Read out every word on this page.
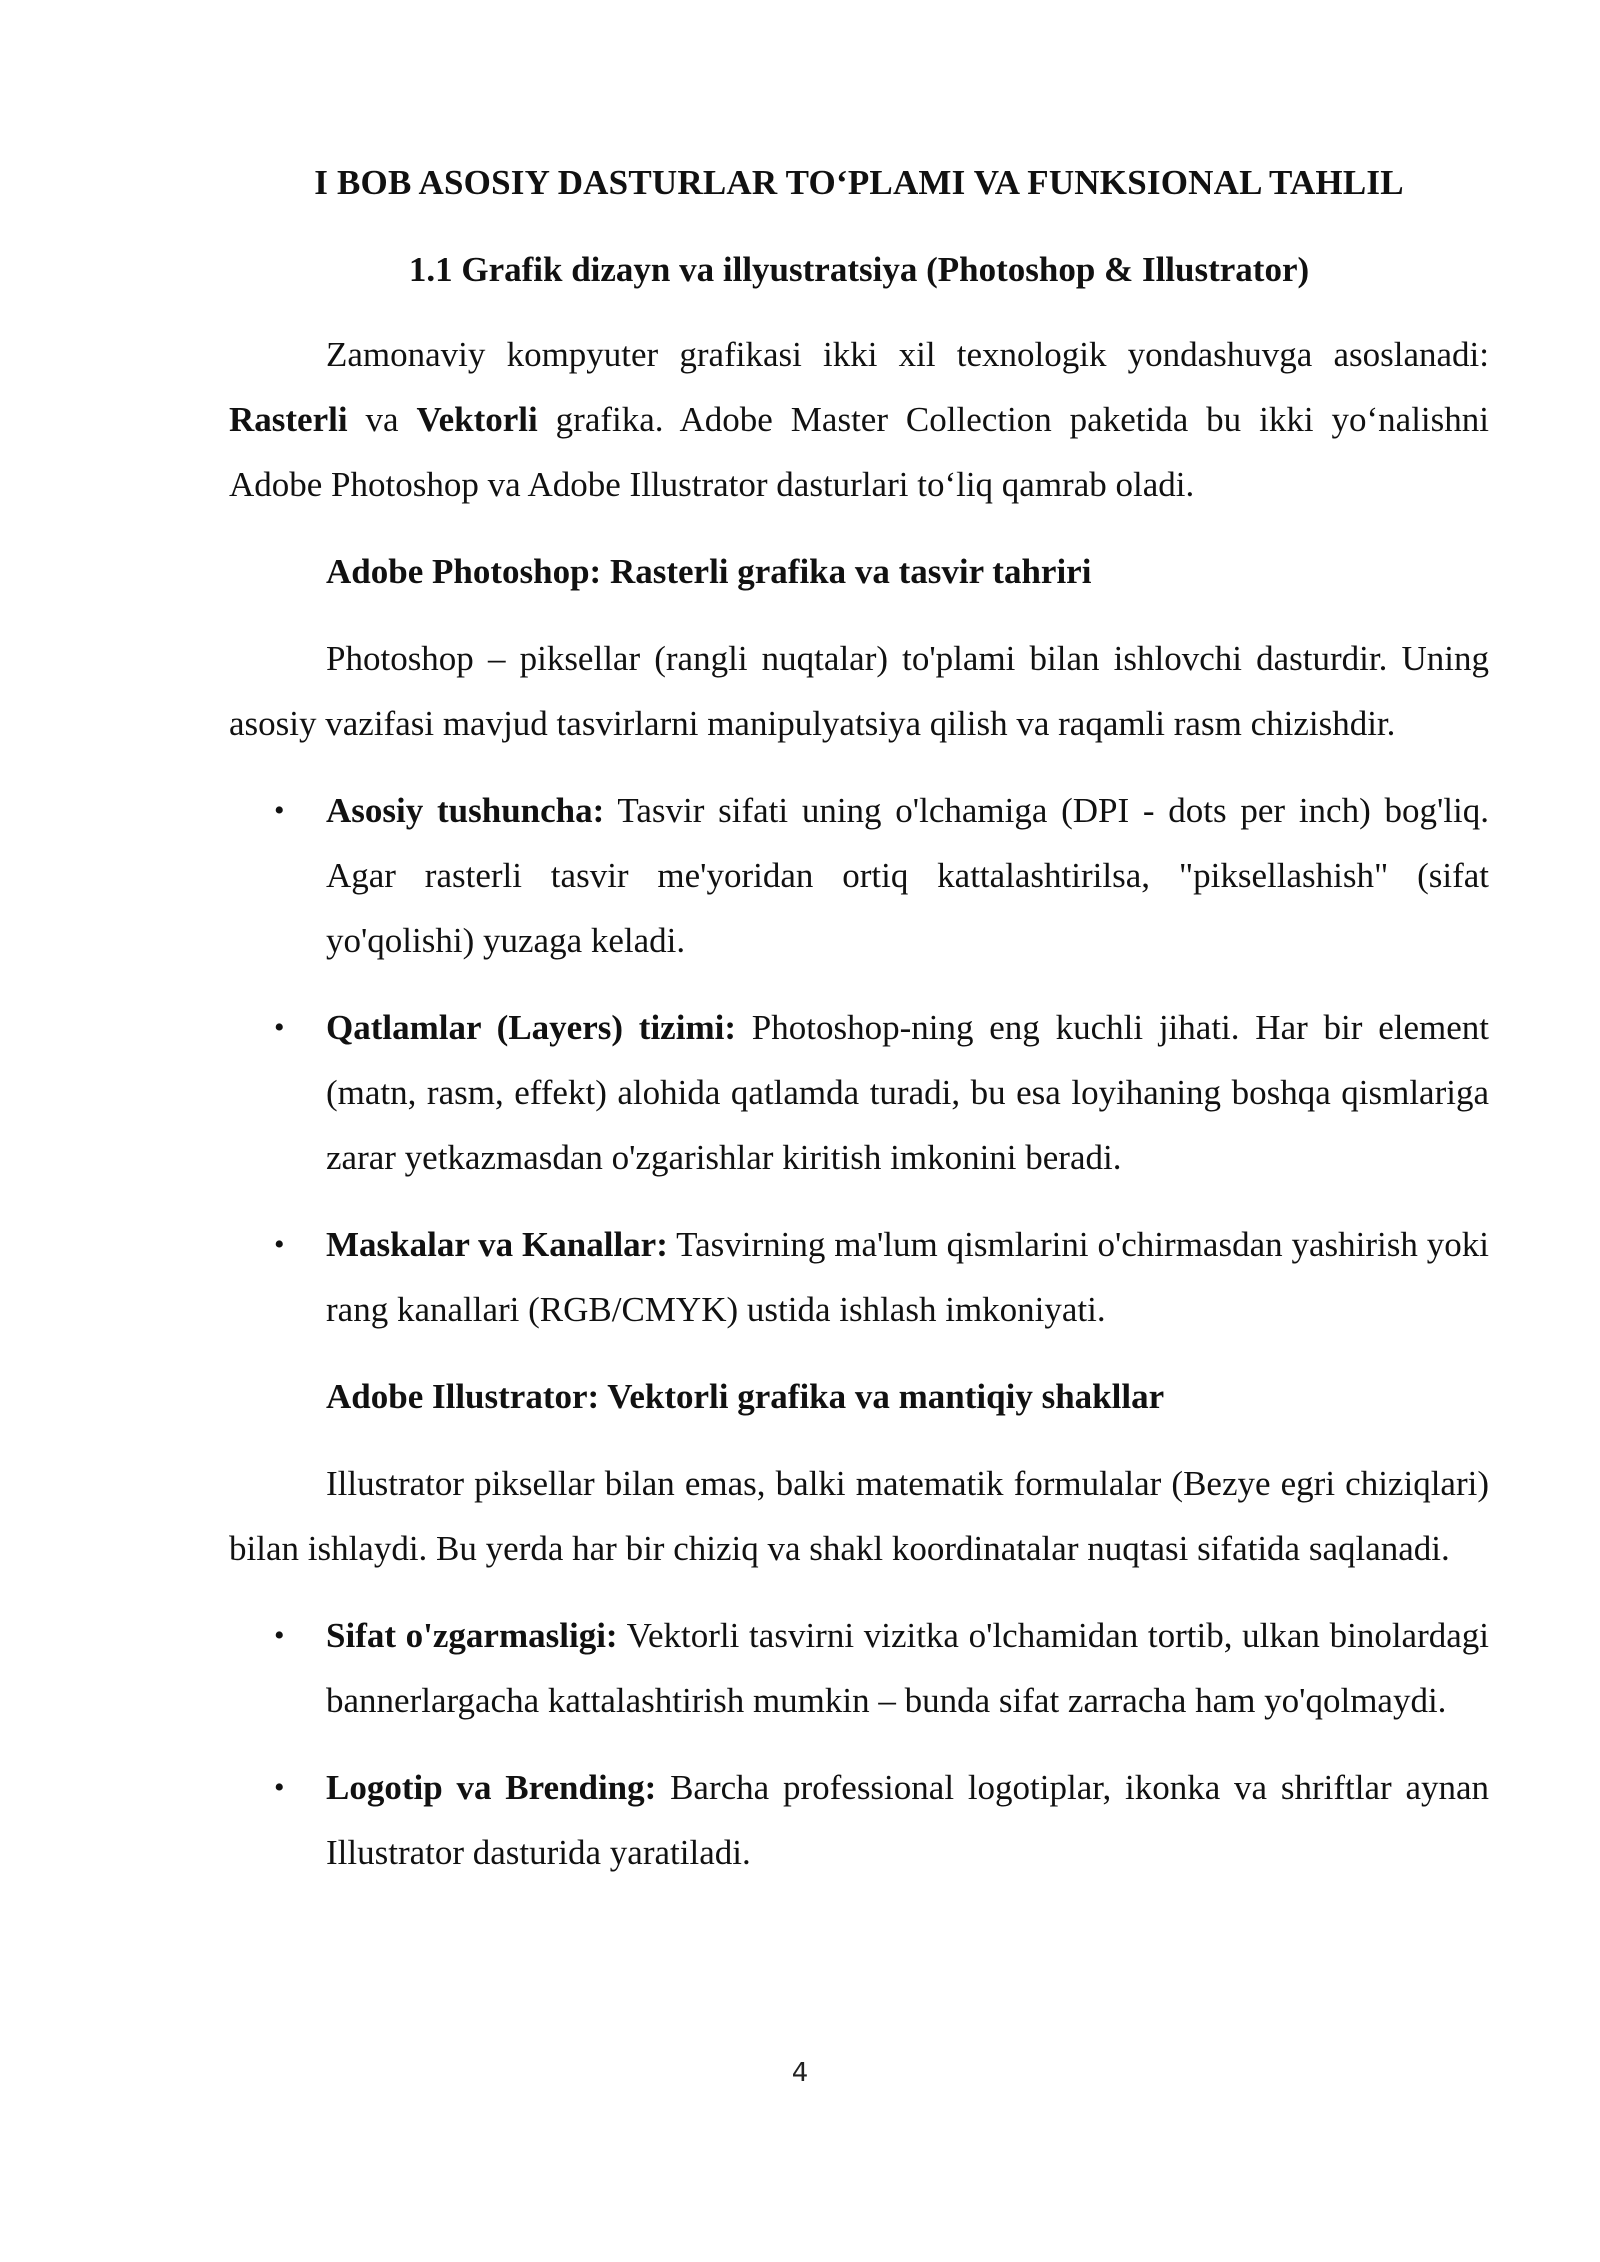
I BOB ASOSIY DASTURLAR TO‘PLAMI VA FUNKSIONAL TAHLIL
1.1 Grafik dizayn va illyustratsiya (Photoshop & Illustrator)

Zamonaviy kompyuter grafikasi ikki xil texnologik yondashuvga asoslanadi: Rasterli va Vektorli grafika. Adobe Master Collection paketida bu ikki yo‘nalishni Adobe Photoshop va Adobe Illustrator dasturlari to‘liq qamrab oladi.

Adobe Photoshop: Rasterli grafika va tasvir tahriri

Photoshop – piksellar (rangli nuqtalar) to'plami bilan ishlovchi dasturdir. Uning asosiy vazifasi mavjud tasvirlarni manipulyatsiya qilish va raqamli rasm chizishdir.

• Asosiy tushuncha: Tasvir sifati uning o'lchamiga (DPI - dots per inch) bog'liq. Agar rasterli tasvir me'yoridan ortiq kattalashtirilsa, "piksellashish" (sifat yo'qolishi) yuzaga keladi.
• Qatlamlar (Layers) tizimi: Photoshop-ning eng kuchli jihati. Har bir element (matn, rasm, effekt) alohida qatlamda turadi, bu esa loyihaning boshqa qismlariga zarar yetkazmasdan o'zgarishlar kiritish imkonini beradi.
• Maskalar va Kanallar: Tasvirning ma'lum qismlarini o'chirmasdan yashirish yoki rang kanallari (RGB/CMYK) ustida ishlash imkoniyati.
Adobe Illustrator: Vektorli grafika va mantiqiy shakllar

Illustrator piksellar bilan emas, balki matematik formulalar (Bezye egri chiziqlari) bilan ishlaydi. Bu yerda har bir chiziq va shakl koordinatalar nuqtasi sifatida saqlanadi.

• Sifat o'zgarmasligi: Vektorli tasvirni vizitka o'lchamidan tortib, ulkan binolardagi bannerlargacha kattalashtirish mumkin – bunda sifat zarracha ham yo'qolmaydi.
• Logotip va Brending: Barcha professional logotiplar, ikonka va shriftlar aynan Illustrator dasturida yaratiladi.
4
